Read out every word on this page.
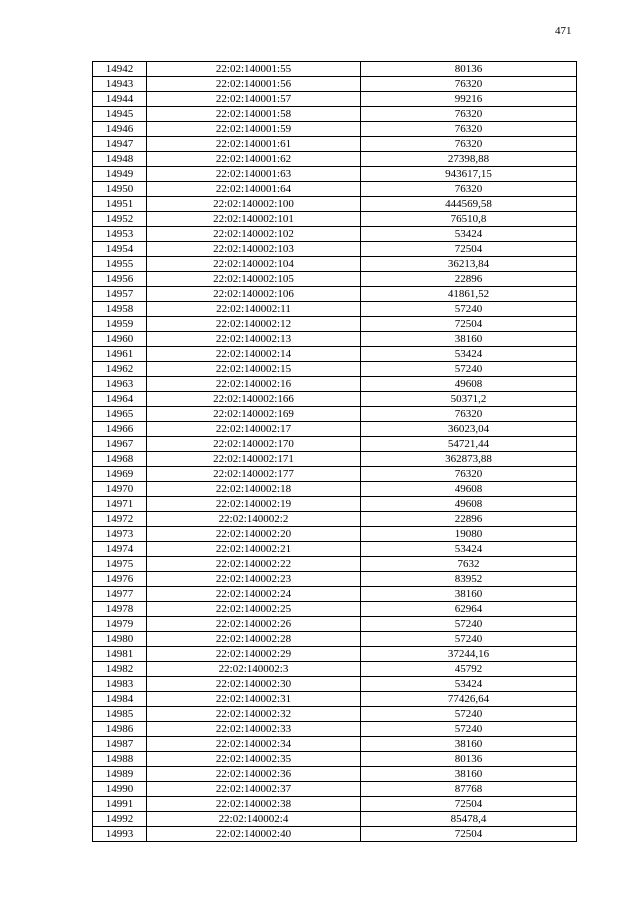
471
14942	22:02:140001:55	80136
14943	22:02:140001:56	76320
14944	22:02:140001:57	99216
14945	22:02:140001:58	76320
14946	22:02:140001:59	76320
14947	22:02:140001:61	76320
14948	22:02:140001:62	27398,88
14949	22:02:140001:63	943617,15
14950	22:02:140001:64	76320
14951	22:02:140002:100	444569,58
14952	22:02:140002:101	76510,8
14953	22:02:140002:102	53424
14954	22:02:140002:103	72504
14955	22:02:140002:104	36213,84
14956	22:02:140002:105	22896
14957	22:02:140002:106	41861,52
14958	22:02:140002:11	57240
14959	22:02:140002:12	72504
14960	22:02:140002:13	38160
14961	22:02:140002:14	53424
14962	22:02:140002:15	57240
14963	22:02:140002:16	49608
14964	22:02:140002:166	50371,2
14965	22:02:140002:169	76320
14966	22:02:140002:17	36023,04
14967	22:02:140002:170	54721,44
14968	22:02:140002:171	362873,88
14969	22:02:140002:177	76320
14970	22:02:140002:18	49608
14971	22:02:140002:19	49608
14972	22:02:140002:2	22896
14973	22:02:140002:20	19080
14974	22:02:140002:21	53424
14975	22:02:140002:22	7632
14976	22:02:140002:23	83952
14977	22:02:140002:24	38160
14978	22:02:140002:25	62964
14979	22:02:140002:26	57240
14980	22:02:140002:28	57240
14981	22:02:140002:29	37244,16
14982	22:02:140002:3	45792
14983	22:02:140002:30	53424
14984	22:02:140002:31	77426,64
14985	22:02:140002:32	57240
14986	22:02:140002:33	57240
14987	22:02:140002:34	38160
14988	22:02:140002:35	80136
14989	22:02:140002:36	38160
14990	22:02:140002:37	87768
14991	22:02:140002:38	72504
14992	22:02:140002:4	85478,4
14993	22:02:140002:40	72504
